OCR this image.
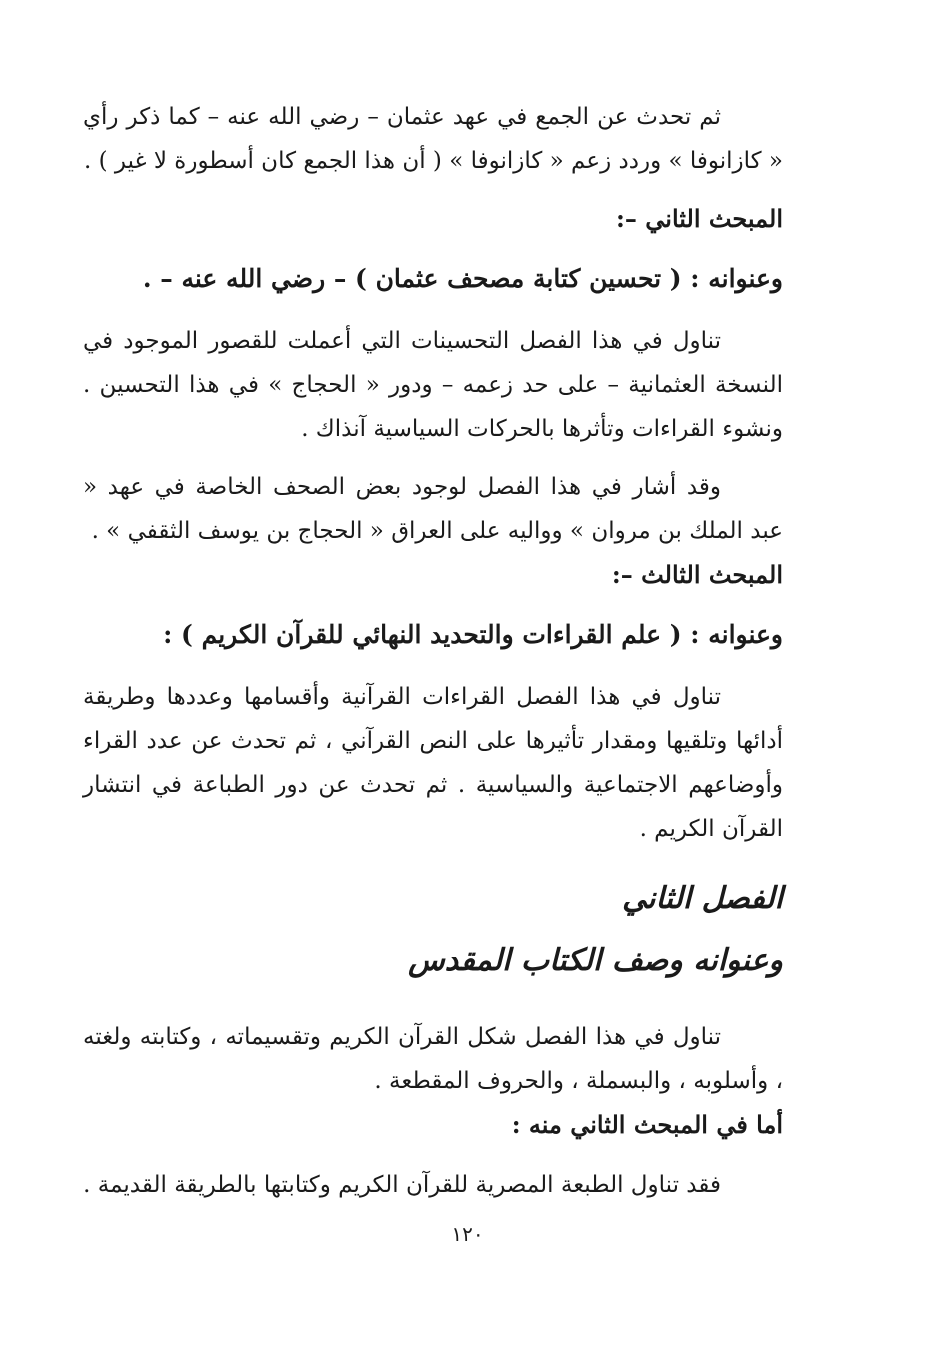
ثم تحدث عن الجمع في عهد عثمان – رضي الله عنه – كما ذكر رأي « كازانوفا » وردد زعم « كازانوفا » ( أن هذا الجمع كان أسطورة لا غير ) .

المبحث الثاني –:
وعنوانه : ( تحسين كتابة مصحف عثمان ) – رضي الله عنه – .

تناول في هذا الفصل التحسينات التي أعملت للقصور الموجود في النسخة العثمانية – على حد زعمه – ودور « الحجاج » في هذا التحسين . ونشوء القراءات وتأثرها بالحركات السياسية آنذاك .

وقد أشار في هذا الفصل لوجود بعض الصحف الخاصة في عهد « عبد الملك بن مروان » وواليه على العراق « الحجاج بن يوسف الثقفي » .

المبحث الثالث –:
وعنوانه : ( علم القراءات والتحديد النهائي للقرآن الكريم ) :

تناول في هذا الفصل القراءات القرآنية وأقسامها وعددها وطريقة أدائها وتلقيها ومقدار تأثيرها على النص القرآني ، ثم تحدث عن عدد القراء وأوضاعهم الاجتماعية والسياسية . ثم تحدث عن دور الطباعة في انتشار القرآن الكريم .

الفصل الثاني
وعنوانه وصف الكتاب المقدس

تناول في هذا الفصل شكل القرآن الكريم وتقسيماته ، وكتابته ولغته ، وأسلوبه ، والبسملة ، والحروف المقطعة .

أما في المبحث الثاني منه :

فقد تناول الطبعة المصرية للقرآن الكريم وكتابتها بالطريقة القديمة .

١٢٠
